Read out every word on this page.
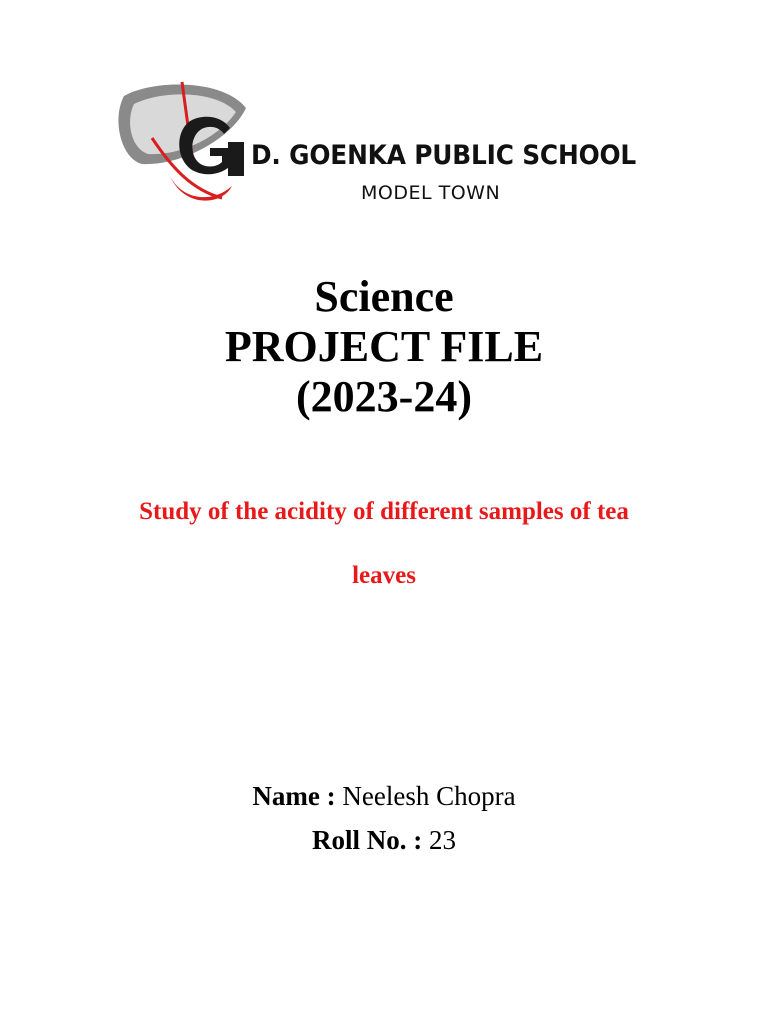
D. GOENKA PUBLIC SCHOOL

MODEL TOWN

Science

PROJECT FILE

(2023-24)

Study of the acidity of different samples of tea

leaves

Name : Neelesh Chopra

Roll No. : 23
